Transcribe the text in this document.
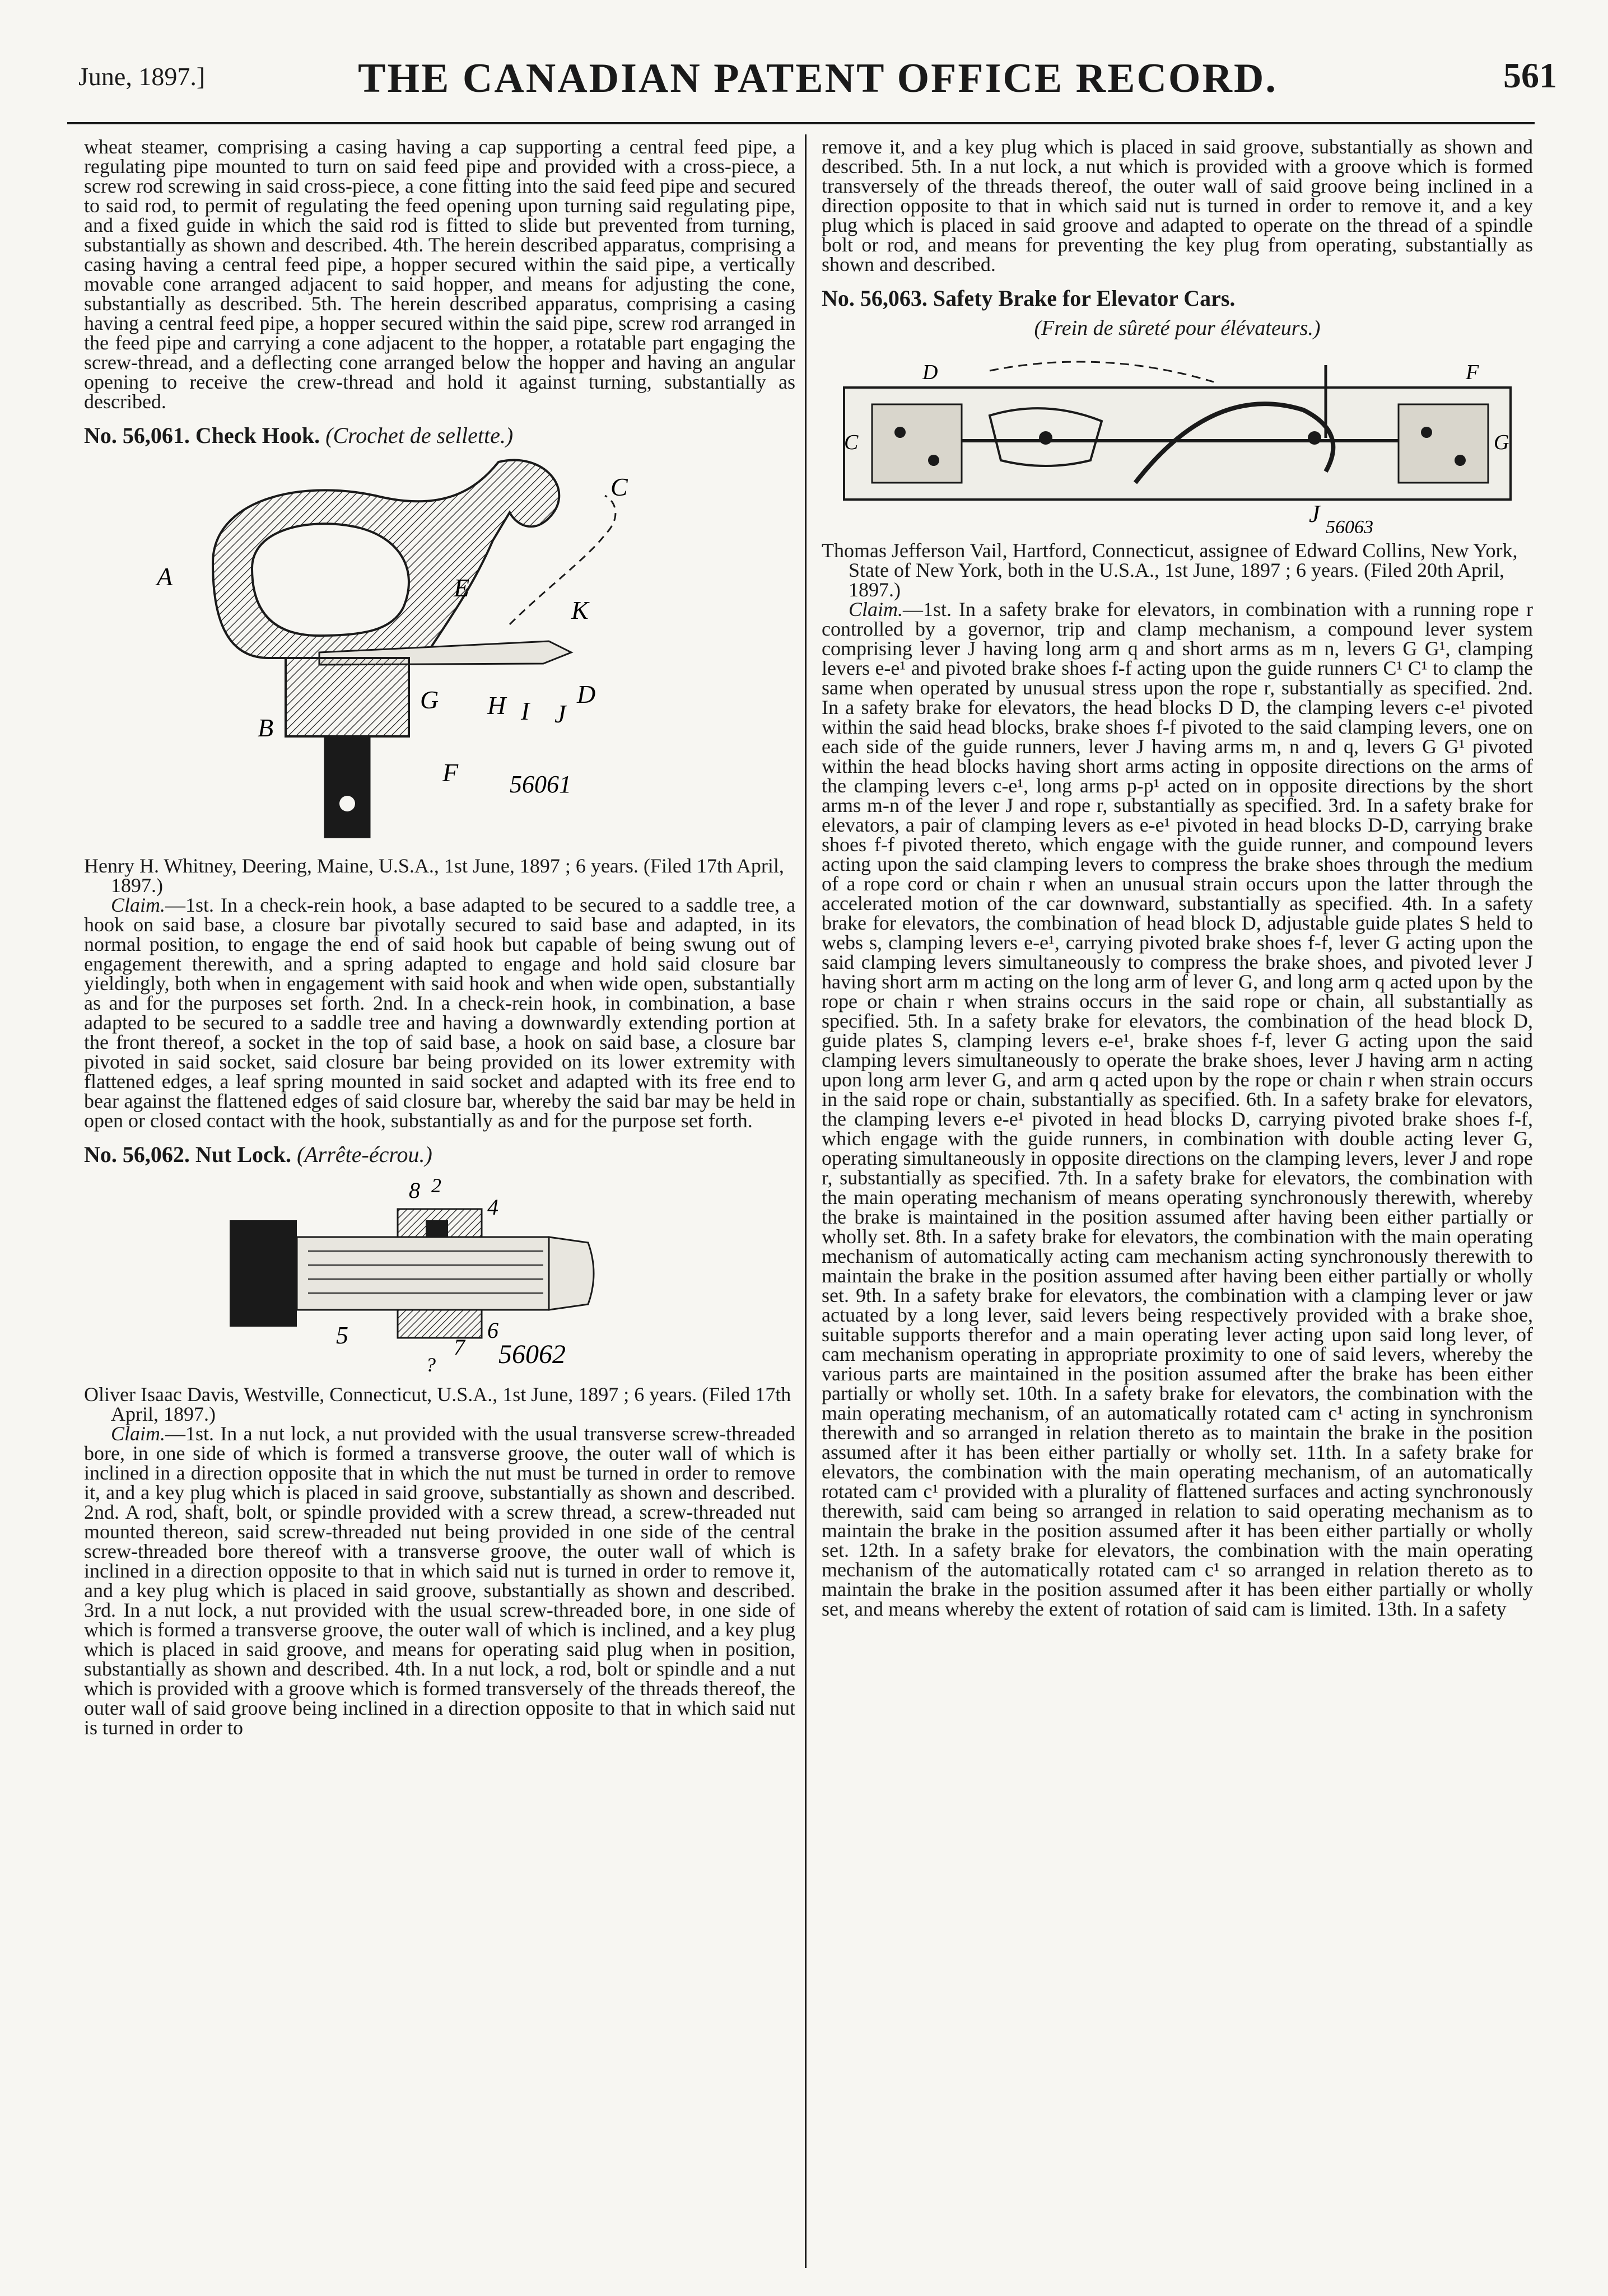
June, 1897.]	THE CANADIAN PATENT OFFICE RECORD.	561

wheat steamer, comprising a casing having a cap supporting a central feed pipe, a regulating pipe mounted to turn on said feed pipe and provided with a cross-piece, a screw rod screwing in said cross-piece, a cone fitting into the said feed pipe and secured to said rod, to permit of regulating the feed opening upon turning said regulating pipe, and a fixed guide in which the said rod is fitted to slide but prevented from turning, substantially as shown and described. 4th. The herein described apparatus, comprising a casing having a central feed pipe, a hopper secured within the said pipe, a vertically movable cone arranged adjacent to said hopper, and means for adjusting the cone, substantially as described. 5th. The herein described apparatus, comprising a casing having a central feed pipe, a hopper secured within the said pipe, screw rod arranged in the feed pipe and carrying a cone adjacent to the hopper, a rotatable part engaging the screw-thread, and a deflecting cone arranged below the hopper and having an angular opening to receive the crew-thread and hold it against turning, substantially as described.

No. 56,061. Check Hook. (Crochet de sellette.)
A
B
C
E
K
G H I J
D
F 56061

Henry H. Whitney, Deering, Maine, U.S.A., 1st June, 1897 ; 6 years. (Filed 17th April, 1897.)

Claim.—1st. In a check-rein hook, a base adapted to be secured to a saddle tree, a hook on said base, a closure bar pivotally secured to said base and adapted, in its normal position, to engage the end of said hook but capable of being swung out of engagement therewith, and a spring adapted to engage and hold said closure bar yieldingly, both when in engagement with said hook and when wide open, substantially as and for the purposes set forth. 2nd. In a check-rein hook, in combination, a base adapted to be secured to a saddle tree and having a downwardly extending portion at the front thereof, a socket in the top of said base, a hook on said base, a closure bar pivoted in said socket, said closure bar being provided on its lower extremity with flattened edges, a leaf spring mounted in said socket and adapted with its free end to bear against the flattened edges of said closure bar, whereby the said bar may be held in open or closed contact with the hook, substantially as and for the purpose set forth.

No. 56,062. Nut Lock. (Arrête-écrou.)
8 2
4
5	6
7
? 56062

Oliver Isaac Davis, Westville, Connecticut, U.S.A., 1st June, 1897 ; 6 years. (Filed 17th April, 1897.)

Claim.—1st. In a nut lock, a nut provided with the usual transverse screw-threaded bore, in one side of which is formed a transverse groove, the outer wall of which is inclined in a direction opposite that in which the nut must be turned in order to remove it, and a key plug which is placed in said groove, substantially as shown and described. 2nd. A rod, shaft, bolt, or spindle provided with a screw thread, a screw-threaded nut mounted thereon, said screw-threaded nut being provided in one side of the central screw-threaded bore thereof with a transverse groove, the outer wall of which is inclined in a direction opposite to that in which said nut is turned in order to remove it, and a key plug which is placed in said groove, substantially as shown and described. 3rd. In a nut lock, a nut provided with the usual screw-threaded bore, in one side of which is formed a transverse groove, the outer wall of which is inclined, and a key plug which is placed in said groove, and means for operating said plug when in position, substantially as shown and described. 4th. In a nut lock, a rod, bolt or spindle and a nut which is provided with a groove which is formed transversely of the threads thereof, the outer wall of said groove being inclined in a direction opposite to that in which said nut is turned in order to

remove it, and a key plug which is placed in said groove, substantially as shown and described. 5th. In a nut lock, a nut which is provided with a groove which is formed transversely of the threads thereof, the outer wall of said groove being inclined in a direction opposite to that in which said nut is turned in order to remove it, and a key plug which is placed in said groove and adapted to operate on the thread of a spindle bolt or rod, and means for preventing the key plug from operating, substantially as shown and described.

No. 56,063. Safety Brake for Elevator Cars.
(Frein de sûreté pour élévateurs.)
D
J
C	G
F
56063

Thomas Jefferson Vail, Hartford, Connecticut, assignee of Edward Collins, New York, State of New York, both in the U.S.A., 1st June, 1897 ; 6 years. (Filed 20th April, 1897.)

Claim.—1st. In a safety brake for elevators, in combination with a running rope r controlled by a governor, trip and clamp mechanism, a compound lever system comprising lever J having long arm q and short arms as m n, levers G G¹, clamping levers e-e¹ and pivoted brake shoes f-f acting upon the guide runners C¹ C¹ to clamp the same when operated by unusual stress upon the rope r, substantially as specified. 2nd. In a safety brake for elevators, the head blocks D D, the clamping levers c-e¹ pivoted within the said head blocks, brake shoes f-f pivoted to the said clamping levers, one on each side of the guide runners, lever J having arms m, n and q, levers G G¹ pivoted within the head blocks having short arms acting in opposite directions on the arms of the clamping levers c-e¹, long arms p-p¹ acted on in opposite directions by the short arms m-n of the lever J and rope r, substantially as specified. 3rd. In a safety brake for elevators, a pair of clamping levers as e-e¹ pivoted in head blocks D-D, carrying brake shoes f-f pivoted thereto, which engage with the guide runner, and compound levers acting upon the said clamping levers to compress the brake shoes through the medium of a rope cord or chain r when an unusual strain occurs upon the latter through the accelerated motion of the car downward, substantially as specified. 4th. In a safety brake for elevators, the combination of head block D, adjustable guide plates S held to webs s, clamping levers e-e¹, carrying pivoted brake shoes f-f, lever G acting upon the said clamping levers simultaneously to compress the brake shoes, and pivoted lever J having short arm m acting on the long arm of lever G, and long arm q acted upon by the rope or chain r when strains occurs in the said rope or chain, all substantially as specified. 5th. In a safety brake for elevators, the combination of the head block D, guide plates S, clamping levers e-e¹, brake shoes f-f, lever G acting upon the said clamping levers simultaneously to operate the brake shoes, lever J having arm n acting upon long arm lever G, and arm q acted upon by the rope or chain r when strain occurs in the said rope or chain, substantially as specified. 6th. In a safety brake for elevators, the clamping levers e-e¹ pivoted in head blocks D, carrying pivoted brake shoes f-f, which engage with the guide runners, in combination with double acting lever G, operating simultaneously in opposite directions on the clamping levers, lever J and rope r, substantially as specified. 7th. In a safety brake for elevators, the combination with the main operating mechanism of means operating synchronously therewith, whereby the brake is maintained in the position assumed after having been either partially or wholly set. 8th. In a safety brake for elevators, the combination with the main operating mechanism of automatically acting cam mechanism acting synchronously therewith to maintain the brake in the position assumed after having been either partially or wholly set. 9th. In a safety brake for elevators, the combination with a clamping lever or jaw actuated by a long lever, said levers being respectively provided with a brake shoe, suitable supports therefor and a main operating lever acting upon said long lever, of cam mechanism operating in appropriate proximity to one of said levers, whereby the various parts are maintained in the position assumed after the brake has been either partially or wholly set. 10th. In a safety brake for elevators, the combination with the main operating mechanism, of an automatically rotated cam c¹ acting in synchronism therewith and so arranged in relation thereto as to maintain the brake in the position assumed after it has been either partially or wholly set. 11th. In a safety brake for elevators, the combination with the main operating mechanism, of an automatically rotated cam c¹ provided with a plurality of flattened surfaces and acting synchronously therewith, said cam being so arranged in relation to said operating mechanism as to maintain the brake in the position assumed after it has been either partially or wholly set. 12th. In a safety brake for elevators, the combination with the main operating mechanism of the automatically rotated cam c¹ so arranged in relation thereto as to maintain the brake in the position assumed after it has been either partially or wholly set, and means whereby the extent of rotation of said cam is limited. 13th. In a safety
